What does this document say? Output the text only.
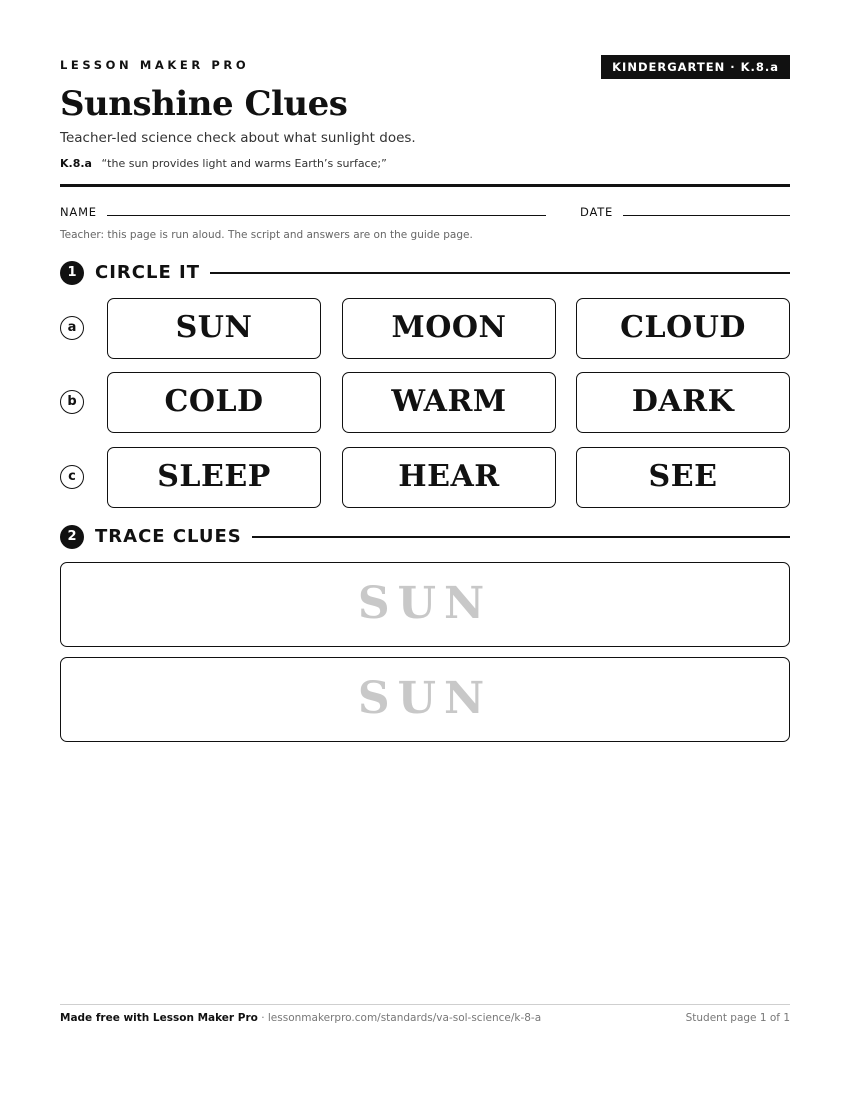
LESSON MAKER PRO	KINDERGARTEN · K.8.a
Sunshine Clues
Teacher-led science check about what sunlight does.
K.8.a “the sun provides light and warms Earth’s surface;”
NAME	DATE
Teacher: this page is run aloud. The script and answers are on the guide page.
1	CIRCLE IT
a	SUN	MOON	CLOUD
b	COLD	WARM	DARK
c	SLEEP	HEAR	SEE
2	TRACE CLUES
SUN
SUN
Made free with Lesson Maker Pro · lessonmakerpro.com/standards/va-sol-science/k-8-a	Student page 1 of 1
